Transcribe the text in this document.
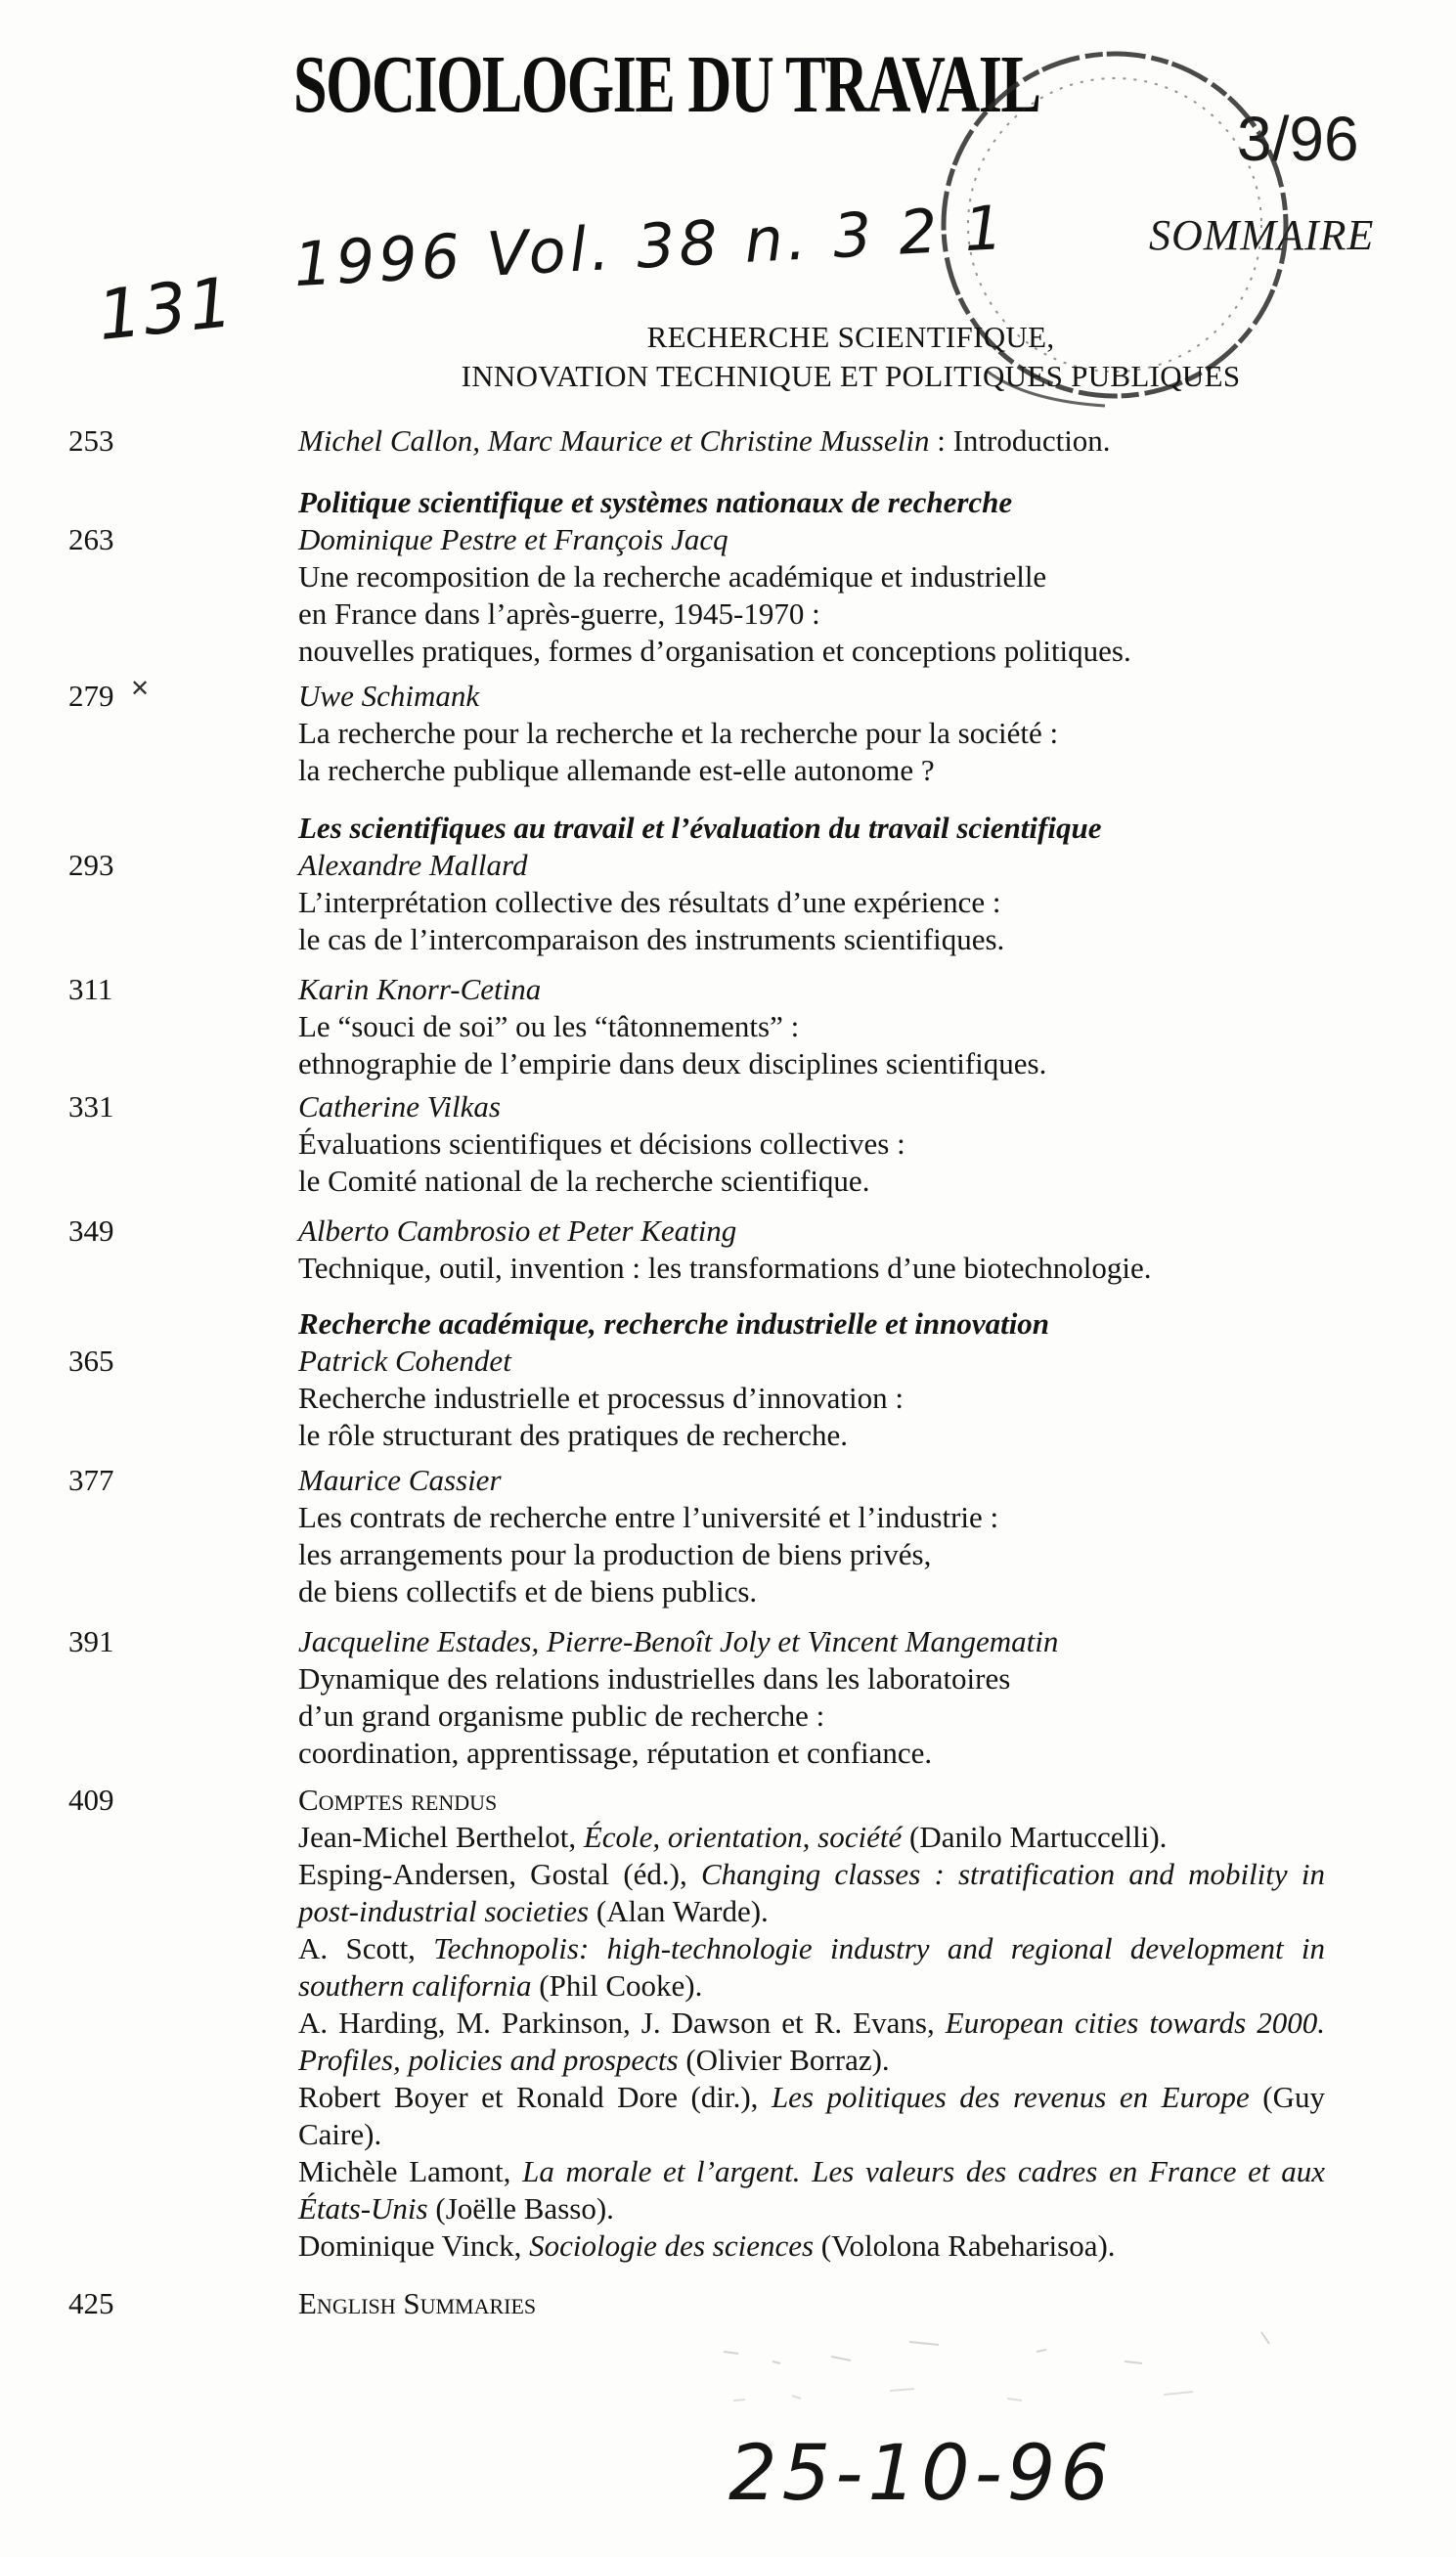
SOCIOLOGIE DU TRAVAIL
3/96
SOMMAIRE
1996 Vol. 38 n. 3 2 1
131	RECHERCHE SCIENTIFIQUE,
INNOVATION TECHNIQUE ET POLITIQUES PUBLIQUES
253	Michel Callon, Marc Maurice et Christine Musselin : Introduction.
Politique scientifique et systèmes nationaux de recherche
263	Dominique Pestre et François Jacq
Une recomposition de la recherche académique et industrielle
en France dans l’après-guerre, 1945-1970 :
nouvelles pratiques, formes d’organisation et conceptions politiques.
279 ✕	Uwe Schimank
La recherche pour la recherche et la recherche pour la société :
la recherche publique allemande est-elle autonome ?
Les scientifiques au travail et l’évaluation du travail scientifique
293	Alexandre Mallard
L’interprétation collective des résultats d’une expérience :
le cas de l’intercomparaison des instruments scientifiques.
311	Karin Knorr-Cetina
Le “souci de soi” ou les “tâtonnements” :
ethnographie de l’empirie dans deux disciplines scientifiques.
331	Catherine Vilkas
Évaluations scientifiques et décisions collectives :
le Comité national de la recherche scientifique.
349	Alberto Cambrosio et Peter Keating
Technique, outil, invention : les transformations d’une biotechnologie.
Recherche académique, recherche industrielle et innovation
365	Patrick Cohendet
Recherche industrielle et processus d’innovation :
le rôle structurant des pratiques de recherche.
377	Maurice Cassier
Les contrats de recherche entre l’université et l’industrie :
les arrangements pour la production de biens privés,
de biens collectifs et de biens publics.
391	Jacqueline Estades, Pierre-Benoît Joly et Vincent Mangematin
Dynamique des relations industrielles dans les laboratoires
d’un grand organisme public de recherche :
coordination, apprentissage, réputation et confiance.
409	Comptes rendus
Jean-Michel Berthelot, École, orientation, société (Danilo Martuccelli).
Esping-Andersen, Gostal (éd.), Changing classes : stratification and mobility in post-industrial societies (Alan Warde).
A. Scott, Technopolis: high-technologie industry and regional development in southern california (Phil Cooke).
A. Harding, M. Parkinson, J. Dawson et R. Evans, European cities towards 2000. Profiles, policies and prospects (Olivier Borraz).
Robert Boyer et Ronald Dore (dir.), Les politiques des revenus en Europe (Guy Caire).
Michèle Lamont, La morale et l’argent. Les valeurs des cadres en France et aux États-Unis (Joëlle Basso).
Dominique Vinck, Sociologie des sciences (Vololona Rabeharisoa).
425	English Summaries
25-10-96
